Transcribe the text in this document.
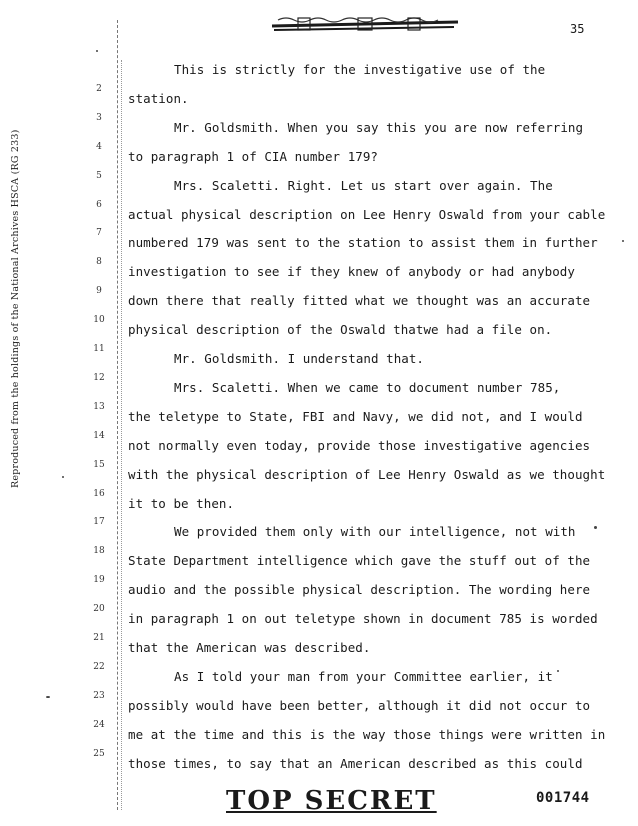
Reproduced from the holdings of the National Archives HSCA (RG 233)
35
2
3
4
5
6
7
8
9
10
11
12
13
14
15
16
17
18
19
20
21
22
23
24
25
This is strictly for the investigative use of the
station.
Mr. Goldsmith. When you say this you are now referring
to paragraph 1 of CIA number 179?
Mrs. Scaletti. Right. Let us start over again. The
actual physical description on Lee Henry Oswald from your cable
numbered 179 was sent to the station to assist them in further
investigation to see if they knew of anybody or had anybody
down there that really fitted what we thought was an accurate
physical description of the Oswald thatwe had a file on.
Mr. Goldsmith. I understand that.
Mrs. Scaletti. When we came to document number 785,
the teletype to State, FBI and Navy, we did not, and I would
not normally even today, provide those investigative agencies
with the physical description of Lee Henry Oswald as we thought
it to be then.
We provided them only with our intelligence, not with
State Department intelligence which gave the stuff out of the
audio and the possible physical description. The wording here
in paragraph 1 on out teletype shown in document 785 is worded
that the American was described.
As I told your man from your Committee earlier, it
possibly would have been better, although it did not occur to
me at the time and this is the way those things were written in
those times, to say that an American described as this could
TOP SECRET	001744
